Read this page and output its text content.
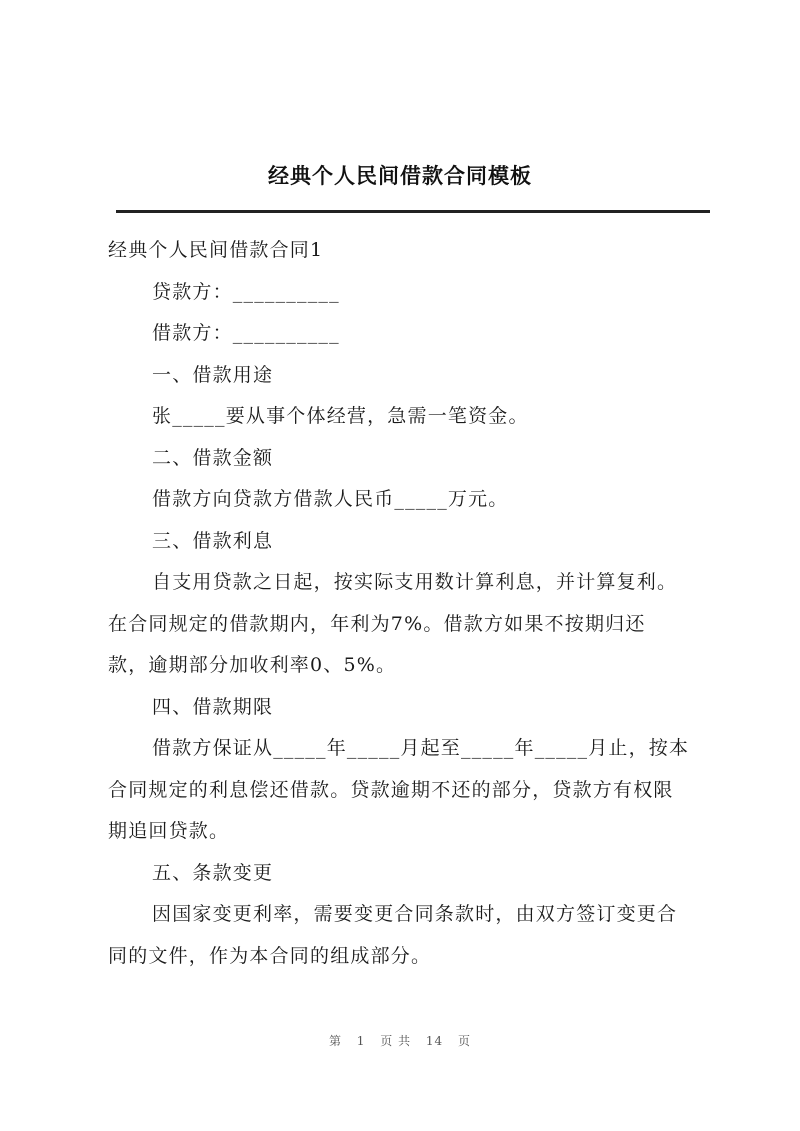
经典个人民间借款合同模板
经典个人民间借款合同1
贷款方：__________
借款方：__________
一、借款用途
张_____要从事个体经营，急需一笔资金。
二、借款金额
借款方向贷款方借款人民币_____万元。
三、借款利息
自支用贷款之日起，按实际支用数计算利息，并计算复利。
在合同规定的借款期内，年利为7%。借款方如果不按期归还
款，逾期部分加收利率0、5%。
四、借款期限
借款方保证从_____年_____月起至_____年_____月止，按本
合同规定的利息偿还借款。贷款逾期不还的部分，贷款方有权限
期追回贷款。
五、条款变更
因国家变更利率，需要变更合同条款时，由双方签订变更合
同的文件，作为本合同的组成部分。
第 1 页 共 14 页
